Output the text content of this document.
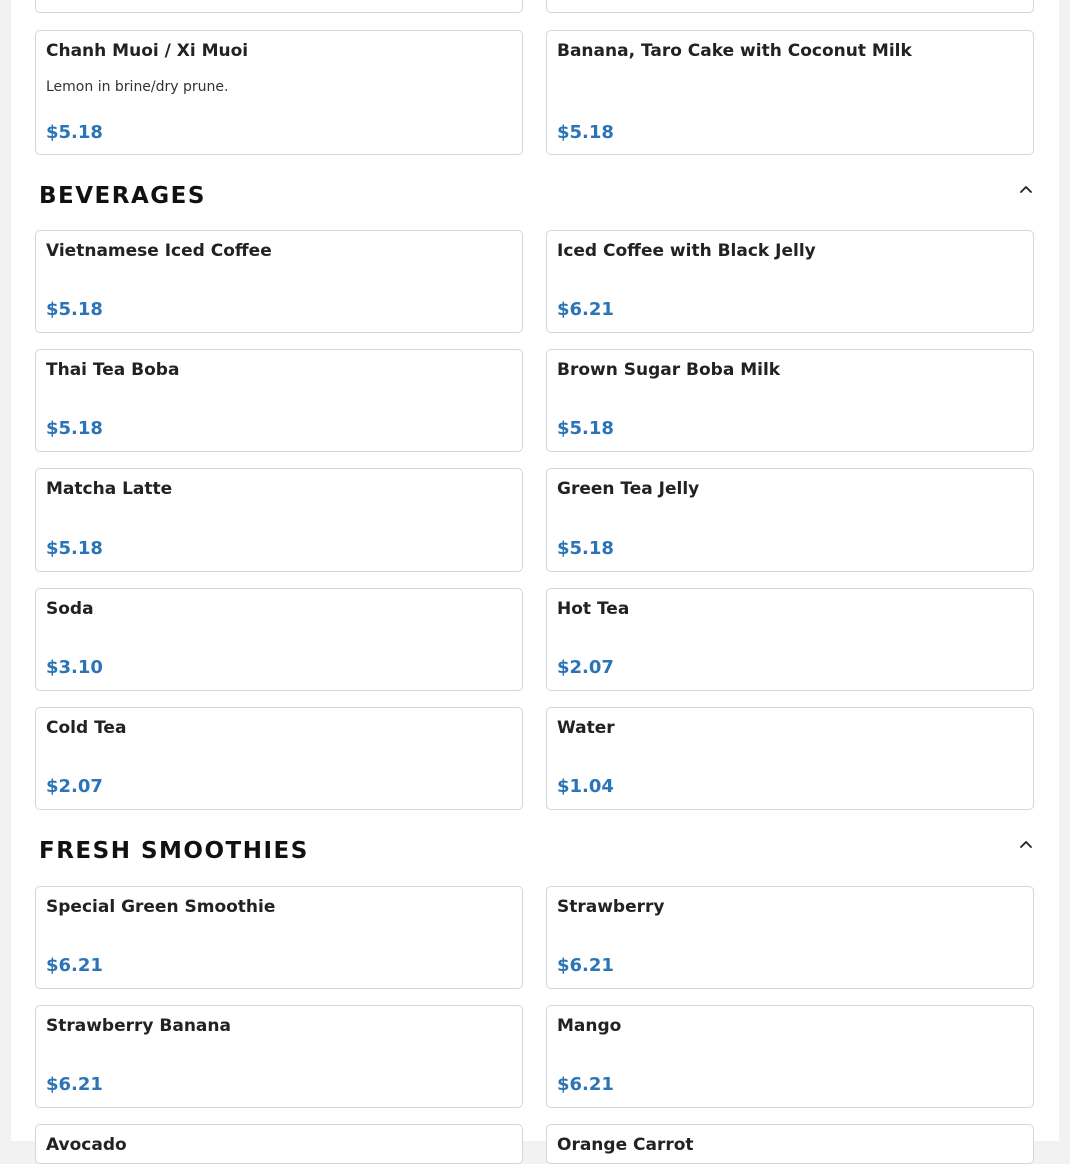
Chanh Muoi / Xi Muoi
Lemon in brine/dry prune.
$5.18
Banana, Taro Cake with Coconut Milk
$5.18
BEVERAGES
Vietnamese Iced Coffee
$5.18
Iced Coffee with Black Jelly
$6.21
Thai Tea Boba
$5.18
Brown Sugar Boba Milk
$5.18
Matcha Latte
$5.18
Green Tea Jelly
$5.18
Soda
$3.10
Hot Tea
$2.07
Cold Tea
$2.07
Water
$1.04
FRESH SMOOTHIES
Special Green Smoothie
$6.21
Strawberry
$6.21
Strawberry Banana
$6.21
Mango
$6.21
Avocado	Orange Carrot
